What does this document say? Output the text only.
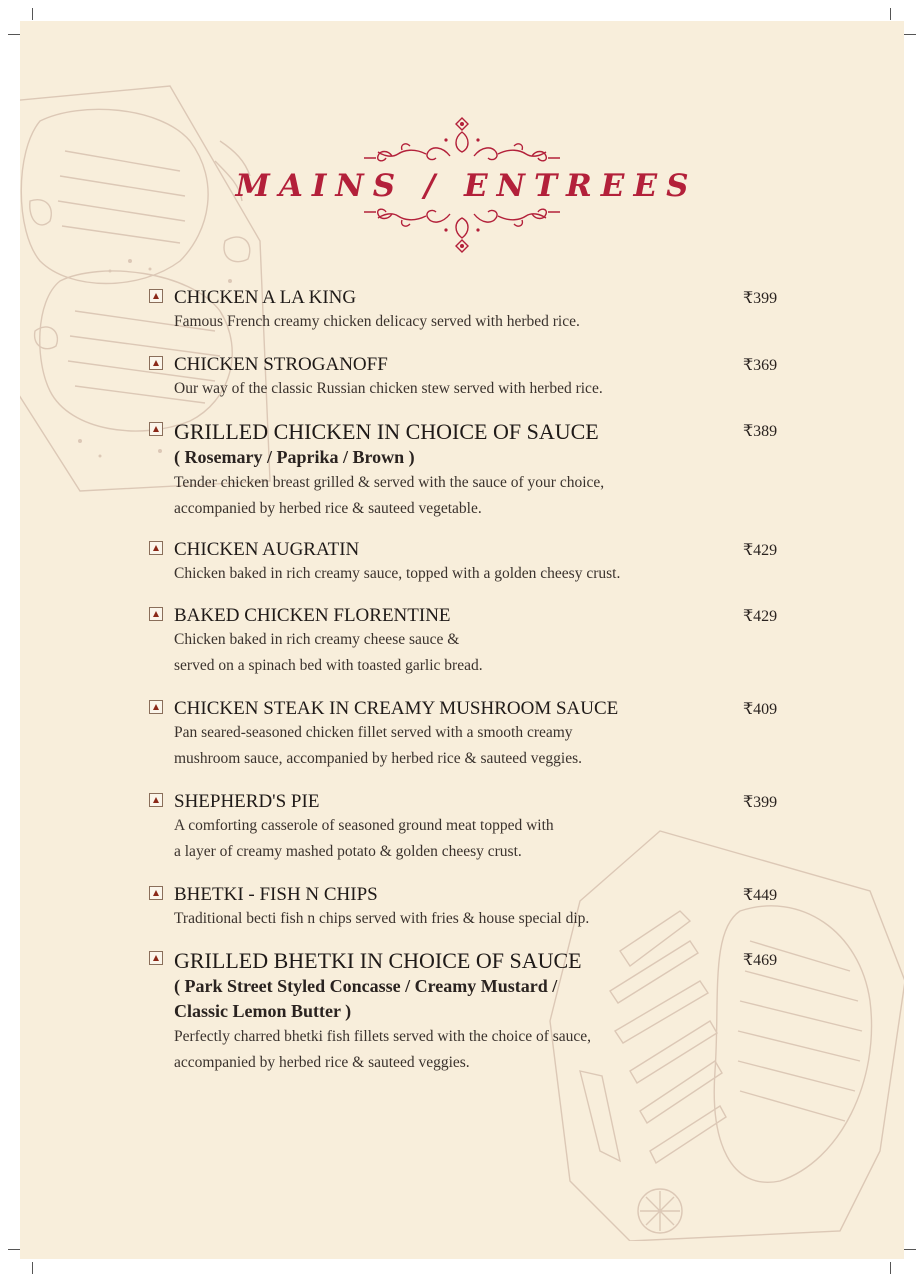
MAINS / ENTREES
CHICKEN A LA KING	₹399
Famous French creamy chicken delicacy served with herbed rice.
CHICKEN STROGANOFF	₹369
Our way of the classic Russian chicken stew served with herbed rice.
GRILLED CHICKEN IN CHOICE OF SAUCE	₹389
( Rosemary / Paprika / Brown )
Tender chicken breast grilled & served with the sauce of your choice,
accompanied by herbed rice & sauteed vegetable.
CHICKEN AUGRATIN	₹429
Chicken baked in rich creamy sauce, topped with a golden cheesy crust.
BAKED CHICKEN FLORENTINE	₹429
Chicken baked in rich creamy cheese sauce &
served on a spinach bed with toasted garlic bread.
CHICKEN STEAK IN CREAMY MUSHROOM SAUCE	₹409
Pan seared-seasoned chicken fillet served with a smooth creamy
mushroom sauce, accompanied by herbed rice & sauteed veggies.
SHEPHERD'S PIE	₹399
A comforting casserole of seasoned ground meat topped with
a layer of creamy mashed potato & golden cheesy crust.
BHETKI - FISH N CHIPS	₹449
Traditional becti fish n chips served with fries & house special dip.
GRILLED BHETKI IN CHOICE OF SAUCE	₹469
( Park Street Styled Concasse / Creamy Mustard /
Classic Lemon Butter )
Perfectly charred bhetki fish fillets served with the choice of sauce,
accompanied by herbed rice & sauteed veggies.
